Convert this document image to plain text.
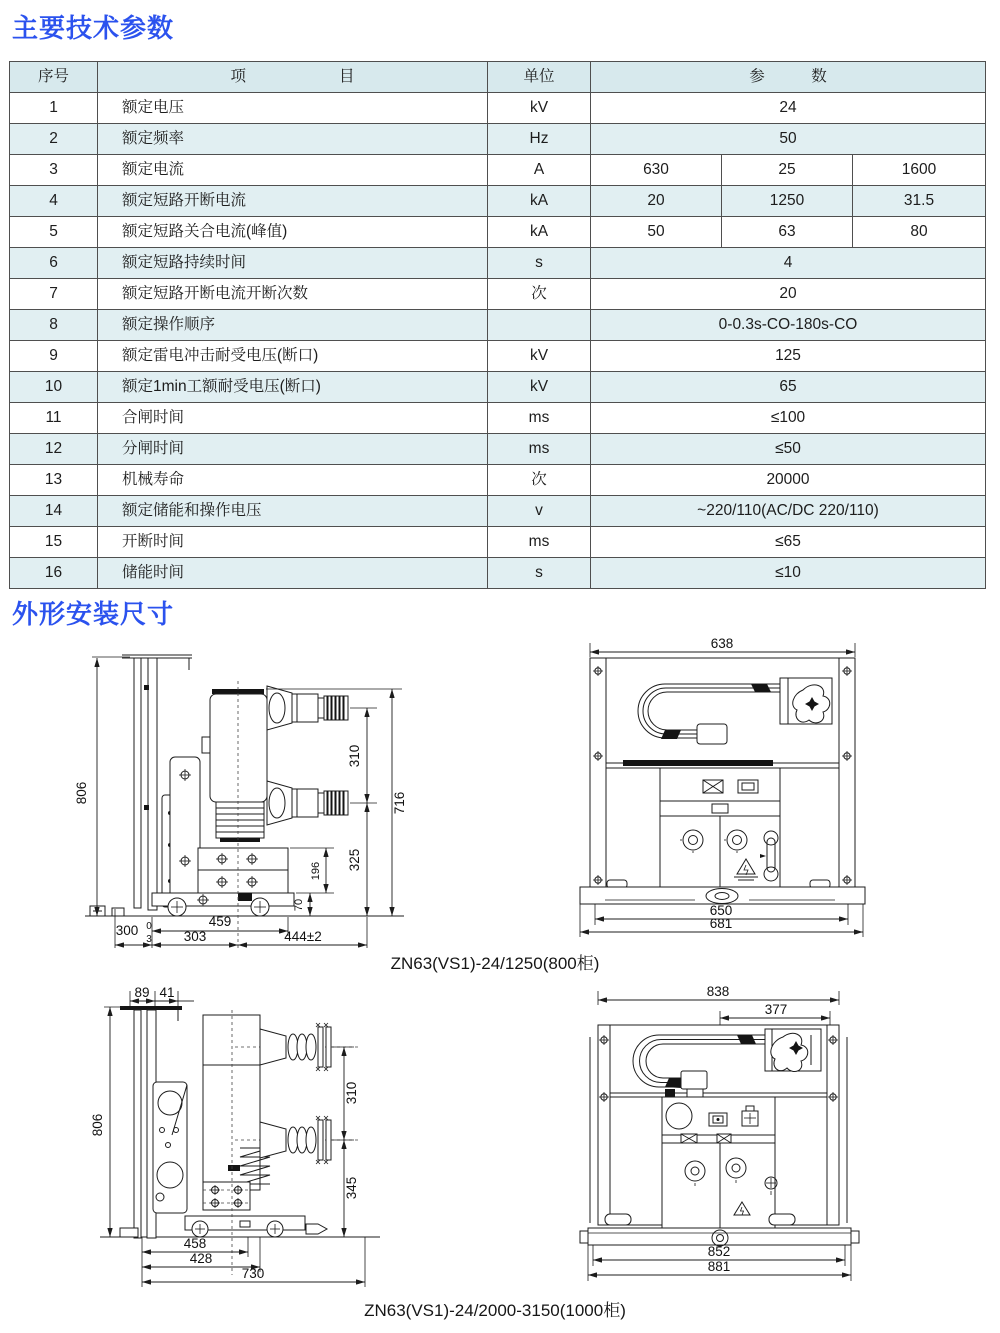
主要技术参数
序号	项　　　　　　目	单位	参　　　数		
1	额定电压	kV	24		
2	额定频率	Hz	50		
3	额定电流	A	630	25	1600
4	额定短路开断电流	kA	20	1250	31.5
5	额定短路关合电流(峰值)	kA	50	63	80
6	额定短路持续时间	s	4		
7	额定短路开断电流开断次数	次	20		
8	额定操作顺序		0-0.3s-CO-180s-CO		
9	额定雷电冲击耐受电压(断口)	kV	125		
10	额定1min工额耐受电压(断口)	kV	65		
11	合闸时间	ms	≤100		
12	分闸时间	ms	≤50		
13	机械寿命	次	20000		
14	额定储能和操作电压	v	~220/110(AC/DC 220/110)		
15	开断时间	ms	≤65		
16	储能时间	s	≤10		
外形安装尺寸
806	716
310
325
196
70
459
300 0
3 303	444±2
638
650
681
ZN63(VS1)-24/1250(800柜)
89 41
806
310
345
458
428
730
838
377
852
881
ZN63(VS1)-24/2000-3150(1000柜)
